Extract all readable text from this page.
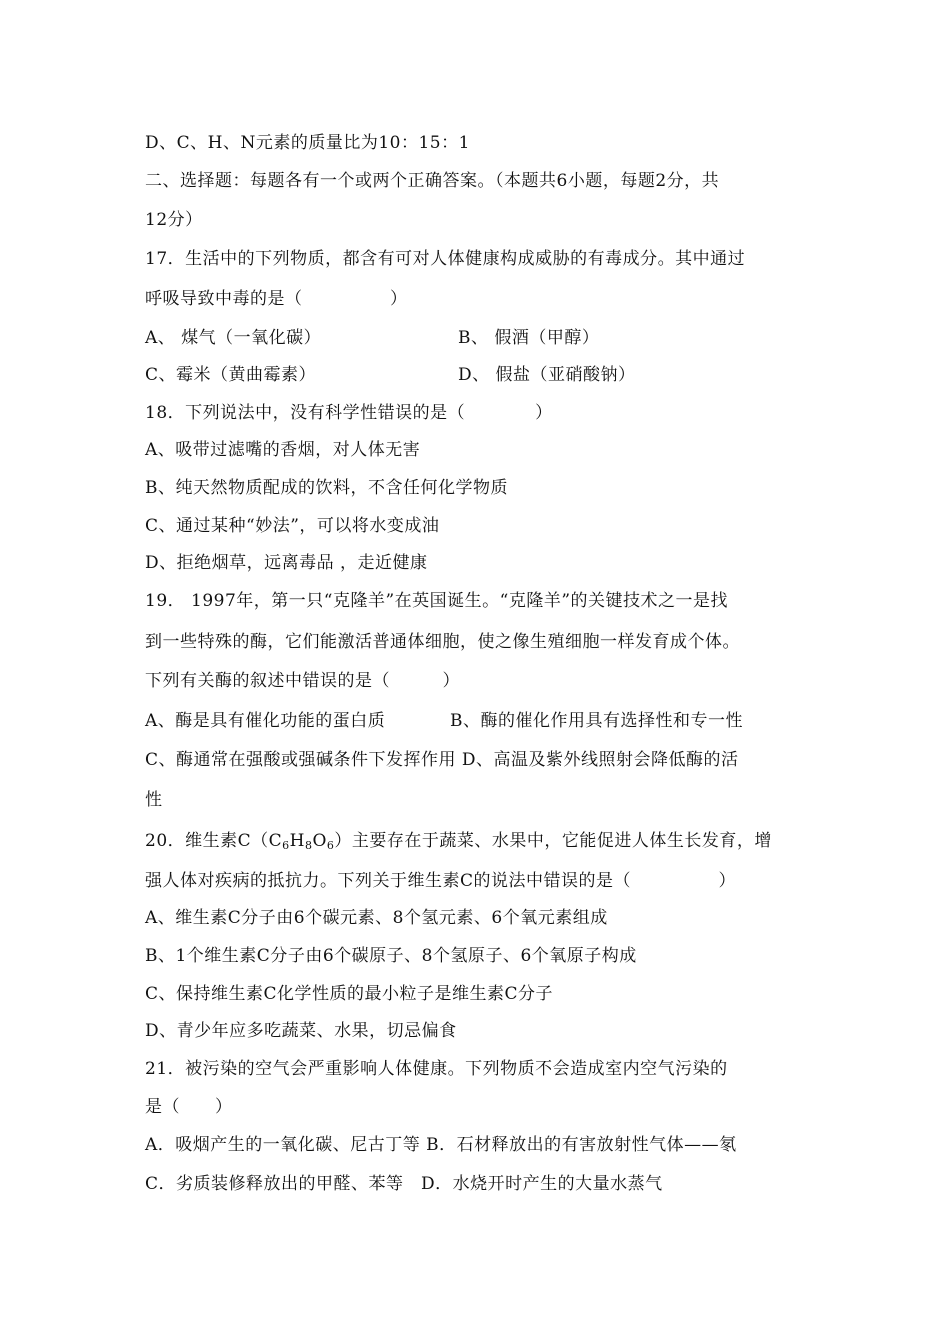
D、C、H、N元素的质量比为10：15：1
二、选择题：每题各有一个或两个正确答案。（本题共6小题，每题2分，共
12分）
17．生活中的下列物质，都含有可对人体健康构成威胁的有毒成分。其中通过
呼吸导致中毒的是（　　　　　）
A、 煤气（一氧化碳）	B、 假酒（甲醇）
C、霉米（黄曲霉素）	D、 假盐（亚硝酸钠）
18．下列说法中，没有科学性错误的是（　　　　）
A、吸带过滤嘴的香烟，对人体无害
B、纯天然物质配成的饮料，不含任何化学物质
C、通过某种“妙法”，可以将水变成油
D、拒绝烟草，远离毒品 ，走近健康
19． 1997年，第一只“克隆羊”在英国诞生。“克隆羊”的关键技术之一是找
到一些特殊的酶，它们能激活普通体细胞，使之像生殖细胞一样发育成个体。
下列有关酶的叙述中错误的是（　　　）
A、酶是具有催化功能的蛋白质	B、酶的催化作用具有选择性和专一性
C、酶通常在强酸或强碱条件下发挥作用 D、高温及紫外线照射会降低酶的活
性
20．维生素$C(C_6H_8O_6)$主要存在于蔬菜、水果中，它能促进人体生长发育，增
强人体对疾病的抵抗力。下列关于维生素C的说法中错误的是（　　　　　）
A、维生素C分子由6个碳元素、8个氢元素、6个氧元素组成
B、1个维生素C分子由6个碳原子、8个氢原子、6个氧原子构成
C、保持维生素C化学性质的最小粒子是维生素C分子
D、青少年应多吃蔬菜、水果，切忌偏食
21．被污染的空气会严重影响人体健康。下列物质不会造成室内空气污染的
是（　　）
A．吸烟产生的一氧化碳、尼古丁等 B．石材释放出的有害放射性气体——氡
C．劣质装修释放出的甲醛、苯等　D．水烧开时产生的大量水蒸气
